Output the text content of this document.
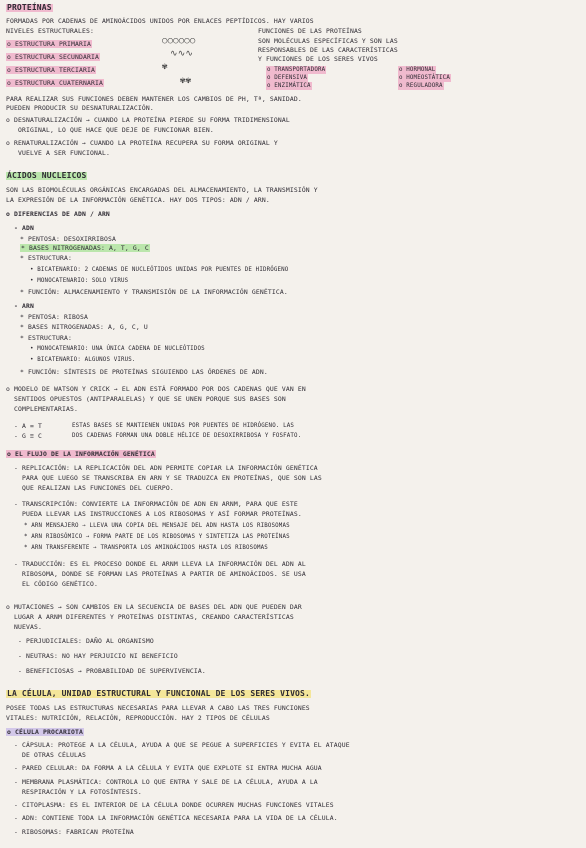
○○○○○○
∿∿∿
✾
✾✾
PROTEÍNAS
FORMADAS POR CADENAS DE AMINOÁCIDOS UNIDOS POR ENLACES PEPTÍDICOS. HAY VARIOS
NIVELES ESTRUCTURALES:
o ESTRUCTURA PRIMARIA
o ESTRUCTURA SECUNDARIA
o ESTRUCTURA TERCIARIA
o ESTRUCTURA CUATERNARIA
FUNCIONES DE LAS PROTEÍNAS
SON MOLÉCULAS ESPECÍFICAS Y SON LAS
RESPONSABLES DE LAS CARACTERÍSTICAS
Y FUNCIONES DE LOS SERES VIVOS
o TRANSPORTADORA
o DEFENSIVA
o ENZIMÁTICA
o HORMONAL
o HOMEOSTÁTICA
o REGULADORA
PARA REALIZAR SUS FUNCIONES DEBEN MANTENER LOS CAMBIOS DE PH, Tª, SANIDAD.
PUEDEN PRODUCIR SU DESNATURALIZACIÓN.
o DESNATURALIZACIÓN → CUANDO LA PROTEÍNA PIERDE SU FORMA TRIDIMENSIONAL
ORIGINAL, LO QUE HACE QUE DEJE DE FUNCIONAR BIEN.
o RENATURALIZACIÓN → CUANDO LA PROTEÍNA RECUPERA SU FORMA ORIGINAL Y
VUELVE A SER FUNCIONAL.
ÁCIDOS NUCLEICOS
SON LAS BIOMOLÉCULAS ORGÁNICAS ENCARGADAS DEL ALMACENAMIENTO, LA TRANSMISIÓN Y
LA EXPRESIÓN DE LA INFORMACIÓN GENÉTICA. HAY DOS TIPOS: ADN / ARN.
o DIFERENCIAS DE ADN / ARN
- ADN
* PENTOSA: DESOXIRRIBOSA
* BASES NITROGENADAS: A, T, G, C
* ESTRUCTURA:
• BICATENARIO: 2 CADENAS DE NUCLEÓTIDOS UNIDAS POR PUENTES DE HIDRÓGENO
• MONOCATENARIO: SOLO VIRUS
* FUNCIÓN: ALMACENAMIENTO Y TRANSMISIÓN DE LA INFORMACIÓN GENÉTICA.
- ARN
* PENTOSA: RIBOSA
* BASES NITROGENADAS: A, G, C, U
* ESTRUCTURA:
• MONOCATENARIO: UNA ÚNICA CADENA DE NUCLEÓTIDOS
• BICATENARIO: ALGUNOS VIRUS.
* FUNCIÓN: SÍNTESIS DE PROTEÍNAS SIGUIENDO LAS ÓRDENES DE ADN.
o MODELO DE WATSON Y CRICK → EL ADN ESTÁ FORMADO POR DOS CADENAS QUE VAN EN
SENTIDOS OPUESTOS (ANTIPARALELAS) Y QUE SE UNEN PORQUE SUS BASES SON
COMPLEMENTARIAS.
- A = T
- G ≡ C
ESTAS BASES SE MANTIENEN UNIDAS POR PUENTES DE HIDRÓGENO. LAS
DOS CADENAS FORMAN UNA DOBLE HÉLICE DE DESOXIRRIBOSA Y FOSFATO.
o EL FLUJO DE LA INFORMACIÓN GENÉTICA
- REPLICACIÓN: LA REPLICACIÓN DEL ADN PERMITE COPIAR LA INFORMACIÓN GENÉTICA
PARA QUE LUEGO SE TRANSCRIBA EN ARN Y SE TRADUZCA EN PROTEÍNAS, QUE SON LAS
QUE REALIZAN LAS FUNCIONES DEL CUERPO.
- TRANSCRIPCIÓN: CONVIERTE LA INFORMACIÓN DE ADN EN ARNM, PARA QUE ESTE
PUEDA LLEVAR LAS INSTRUCCIONES A LOS RIBOSOMAS Y ASÍ FORMAR PROTEÍNAS.
* ARN MENSAJERO → LLEVA UNA COPIA DEL MENSAJE DEL ADN HASTA LOS RIBOSOMAS
* ARN RIBOSÓMICO → FORMA PARTE DE LOS RIBOSOMAS Y SINTETIZA LAS PROTEÍNAS
* ARN TRANSFERENTE → TRANSPORTA LOS AMINOÁCIDOS HASTA LOS RIBOSOMAS
- TRADUCCIÓN: ES EL PROCESO DONDE EL ARNM LLEVA LA INFORMACIÓN DEL ADN AL
RIBOSOMA, DONDE SE FORMAN LAS PROTEÍNAS A PARTIR DE AMINOÁCIDOS. SE USA
EL CÓDIGO GENÉTICO.
o MUTACIONES → SON CAMBIOS EN LA SECUENCIA DE BASES DEL ADN QUE PUEDEN DAR
LUGAR A ARNM DIFERENTES Y PROTEÍNAS DISTINTAS, CREANDO CARACTERÍSTICAS
NUEVAS.
- PERJUDICIALES: DAÑO AL ORGANISMO
- NEUTRAS: NO HAY PERJUICIO NI BENEFICIO
- BENEFICIOSAS → PROBABILIDAD DE SUPERVIVENCIA.
LA CÉLULA, UNIDAD ESTRUCTURAL Y FUNCIONAL DE LOS SERES VIVOS.
POSEE TODAS LAS ESTRUCTURAS NECESARIAS PARA LLEVAR A CABO LAS TRES FUNCIONES
VITALES: NUTRICIÓN, RELACIÓN, REPRODUCCIÓN. HAY 2 TIPOS DE CÉLULAS
o CÉLULA PROCARIOTA
- CÁPSULA: PROTEGE A LA CÉLULA, AYUDA A QUE SE PEGUE A SUPERFICIES Y EVITA EL ATAQUE
DE OTRAS CÉLULAS
- PARED CELULAR: DA FORMA A LA CÉLULA Y EVITA QUE EXPLOTE SI ENTRA MUCHA AGUA
- MEMBRANA PLASMÁTICA: CONTROLA LO QUE ENTRA Y SALE DE LA CÉLULA, AYUDA A LA
RESPIRACIÓN Y LA FOTOSÍNTESIS.
- CITOPLASMA: ES EL INTERIOR DE LA CÉLULA DONDE OCURREN MUCHAS FUNCIONES VITALES
- ADN: CONTIENE TODA LA INFORMACIÓN GENÉTICA NECESARIA PARA LA VIDA DE LA CÉLULA.
- RIBOSOMAS: FABRICAN PROTEÍNA
